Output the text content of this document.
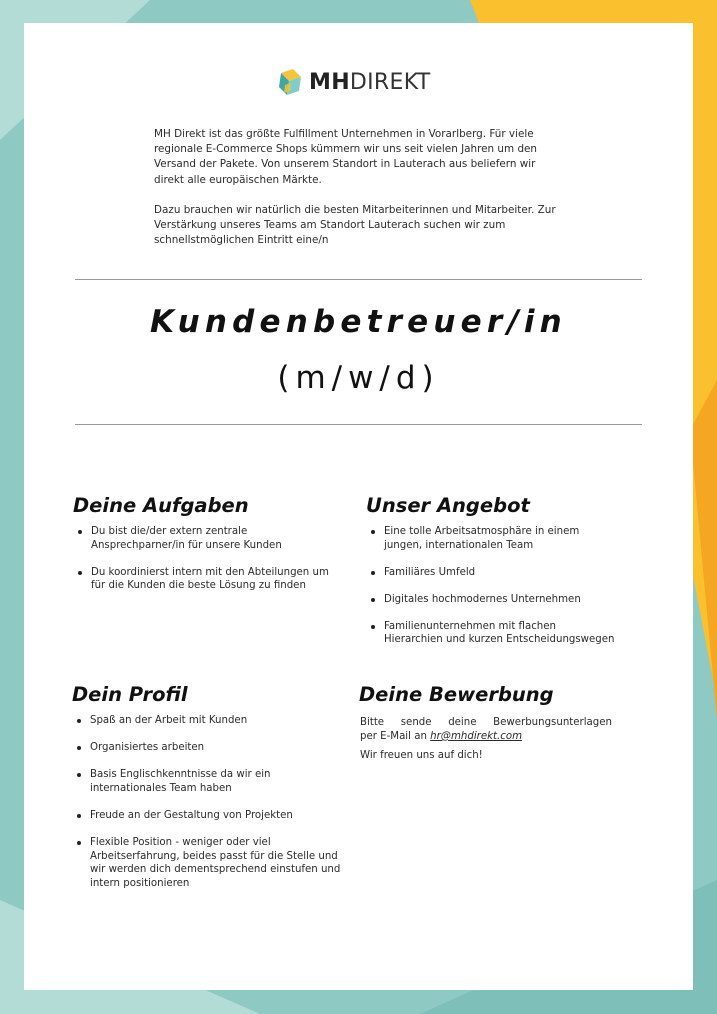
MHDIREKT

MH Direkt ist das größte Fulfillment Unternehmen in Vorarlberg. Für viele regionale E-Commerce Shops kümmern wir uns seit vielen Jahren um den Versand der Pakete. Von unserem Standort in Lauterach aus beliefern wir direkt alle europäischen Märkte.

Dazu brauchen wir natürlich die besten Mitarbeiterinnen und Mitarbeiter. Zur Verstärkung unseres Teams am Standort Lauterach suchen wir zum schnellstmöglichen Eintritt eine/n

Kundenbetreuer/in
(m/w/d)
Deine Aufgaben
Du bist die/der extern zentrale Ansprechparner/in für unsere Kunden
Du koordinierst intern mit den Abteilungen um für die Kunden die beste Lösung zu finden
Unser Angebot
Eine tolle Arbeitsatmosphäre in einem jungen, internationalen Team
Familiäres Umfeld
Digitales hochmodernes Unternehmen
Familienunternehmen mit flachen Hierarchien und kurzen Entscheidungswegen
Dein Profil
Spaß an der Arbeit mit Kunden
Organisiertes arbeiten
Basis Englischkenntnisse da wir ein internationales Team haben
Freude an der Gestaltung von Projekten
Flexible Position - weniger oder viel Arbeitserfahrung, beides passt für die Stelle und wir werden dich dementsprechend einstufen und intern positionieren
Deine Bewerbung
Bitte sende deine Bewerbungsunterlagen

per E-Mail an hr@mhdirekt.com

Wir freuen uns auf dich!
